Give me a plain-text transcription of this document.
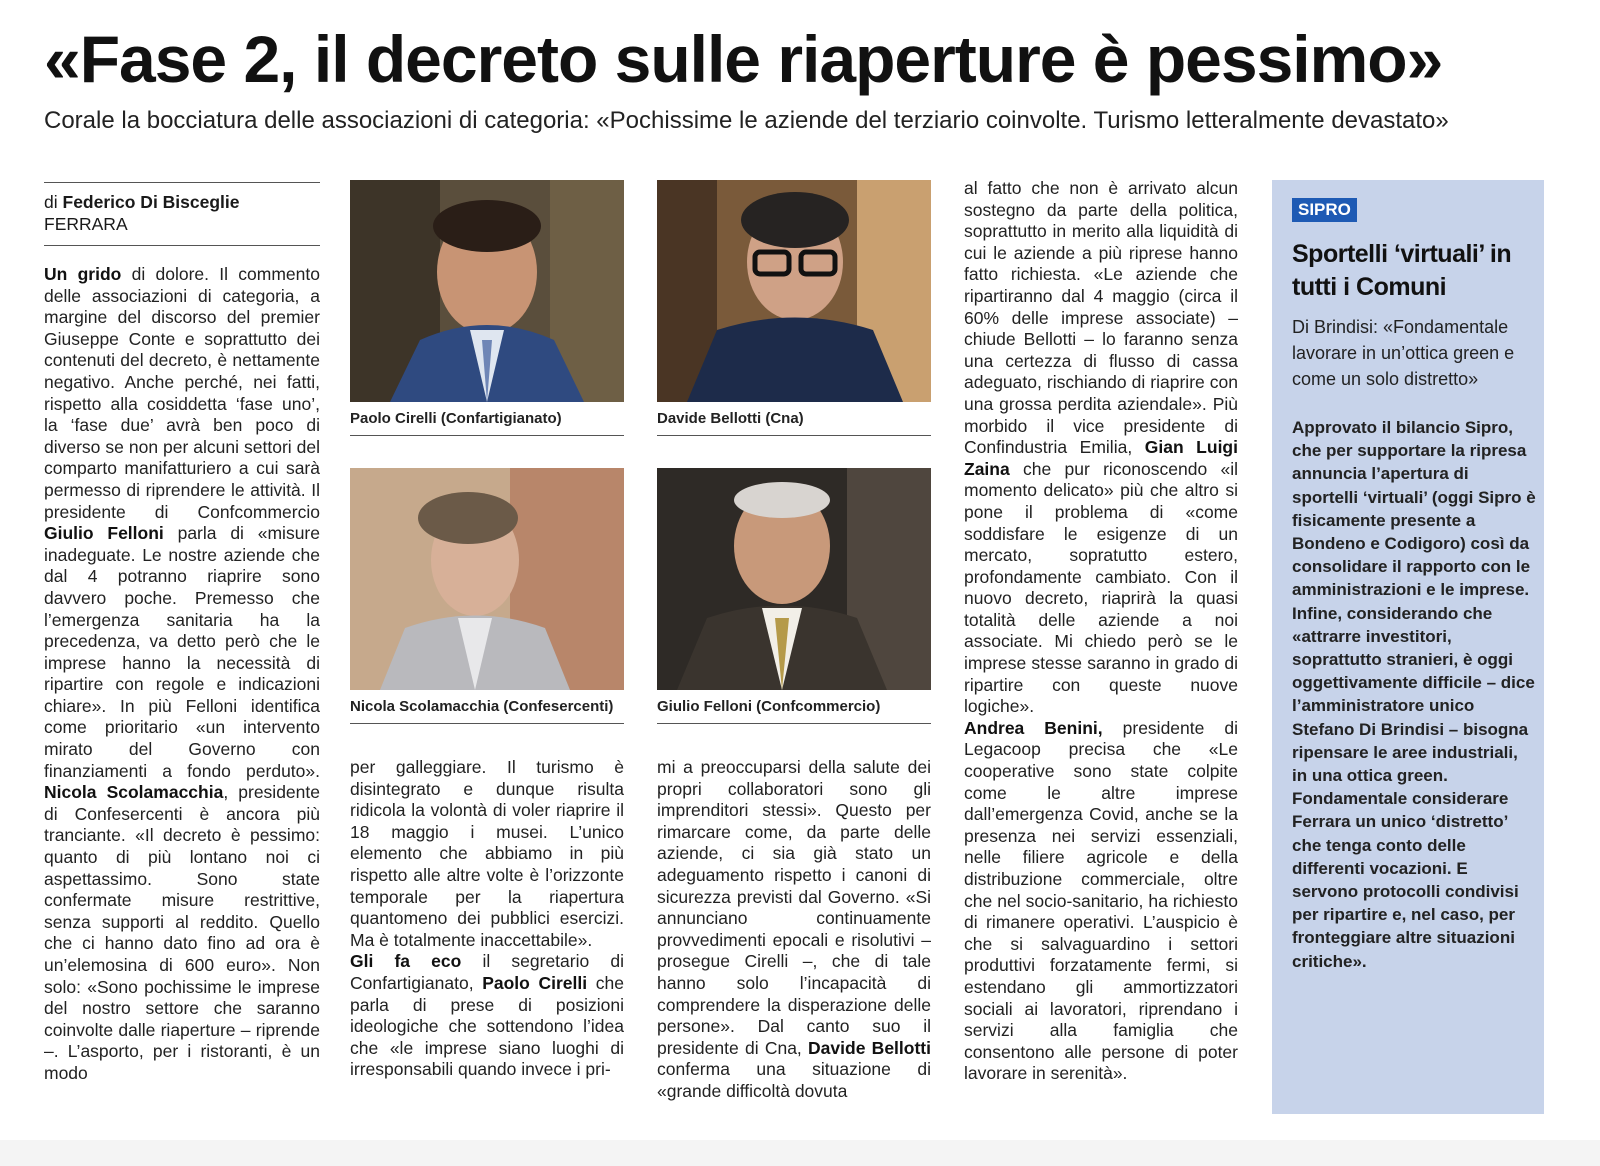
«Fase 2, il decreto sulle riaperture è pessimo»
Corale la bocciatura delle associazioni di categoria: «Pochissime le aziende del terziario coinvolte. Turismo letteralmente devastato»
di Federico Di Bisceglie
FERRARA

Un grido di dolore. Il commento delle associazioni di categoria, a margine del discorso del premier Giuseppe Conte e soprattutto dei contenuti del decreto, è nettamente negativo. Anche perché, nei fatti, rispetto alla cosiddetta ‘fase uno’, la ‘fase due’ avrà ben poco di diverso se non per alcuni settori del comparto manifatturiero a cui sarà permesso di riprendere le attività. Il presidente di Confcommercio Giulio Felloni parla di «misure inadeguate. Le nostre aziende che dal 4 potranno riaprire sono davvero poche. Premesso che l’emergenza sanitaria ha la precedenza, va detto però che le imprese hanno la necessità di ripartire con regole e indicazioni chiare». In più Felloni identifica come prioritario «un intervento mirato del Governo con finanziamenti a fondo perduto». Nicola Scolamacchia, presidente di Confesercenti è ancora più tranciante. «Il decreto è pessimo: quanto di più lontano noi ci aspettassimo. Sono state confermate misure restrittive, senza supporti al reddito. Quello che ci hanno dato fino ad ora è un’elemosina di 600 euro». Non solo: «Sono pochissime le imprese del nostro settore che saranno coinvolte dalle riaperture – riprende –. L’asporto, per i ristoranti, è un modo

Paolo Cirelli (Confartigianato)	Davide Bellotti (Cna)
Nicola Scolamacchia (Confesercenti)	Giulio Felloni (Confcommercio)

per galleggiare. Il turismo è disintegrato e dunque risulta ridicola la volontà di voler riaprire il 18 maggio i musei. L’unico elemento che abbiamo in più rispetto alle altre volte è l’orizzonte temporale per la riapertura quantomeno dei pubblici esercizi. Ma è totalmente inaccettabile».

Gli fa eco il segretario di Confartigianato, Paolo Cirelli che parla di prese di posizioni ideologiche che sottendono l’idea che «le imprese siano luoghi di irresponsabili quando invece i pri-

mi a preoccuparsi della salute dei propri collaboratori sono gli imprenditori stessi». Questo per rimarcare come, da parte delle aziende, ci sia già stato un adeguamento rispetto i canoni di sicurezza previsti dal Governo. «Si annunciano continuamente provvedimenti epocali e risolutivi – prosegue Cirelli –, che di tale hanno solo l’incapacità di comprendere la disperazione delle persone». Dal canto suo il presidente di Cna, Davide Bellotti conferma una situazione di «grande difficoltà dovuta

al fatto che non è arrivato alcun sostegno da parte della politica, soprattutto in merito alla liquidità di cui le aziende a più riprese hanno fatto richiesta. «Le aziende che ripartiranno dal 4 maggio (circa il 60% delle imprese associate) – chiude Bellotti – lo faranno senza una certezza di flusso di cassa adeguato, rischiando di riaprire con una grossa perdita aziendale». Più morbido il vice presidente di Confindustria Emilia, Gian Luigi Zaina che pur riconoscendo «il momento delicato» più che altro si pone il problema di «come soddisfare le esigenze di un mercato, sopratutto estero, profondamente cambiato. Con il nuovo decreto, riaprirà la quasi totalità delle aziende a noi associate. Mi chiedo però se le imprese stesse saranno in grado di ripartire con queste nuove logiche».

Andrea Benini, presidente di Legacoop precisa che «Le cooperative sono state colpite come le altre imprese dall’emergenza Covid, anche se la presenza nei servizi essenziali, nelle filiere agricole e della distribuzione commerciale, oltre che nel socio-sanitario, ha richiesto di rimanere operativi. L’auspicio è che si salvaguardino i settori produttivi forzatamente fermi, si estendano gli ammortizzatori sociali ai lavoratori, riprendano i servizi alla famiglia che consentono alle persone di poter lavorare in serenità».

SIPRO
Sportelli ‘virtuali’ in tutti i Comuni
Di Brindisi: «Fondamentale lavorare in un’ottica green e come un solo distretto»
Approvato il bilancio Sipro, che per supportare la ripresa annuncia l’apertura di sportelli ‘virtuali’ (oggi Sipro è fisicamente presente a Bondeno e Codigoro) così da consolidare il rapporto con le amministrazioni e le imprese. Infine, considerando che «attrarre investitori, soprattutto stranieri, è oggi oggettivamente difficile – dice l’amministratore unico Stefano Di Brindisi – bisogna ripensare le aree industriali, in una ottica green. Fondamentale considerare Ferrara un unico ‘distretto’ che tenga conto delle differenti vocazioni. E servono protocolli condivisi per ripartire e, nel caso, per fronteggiare altre situazioni critiche».
